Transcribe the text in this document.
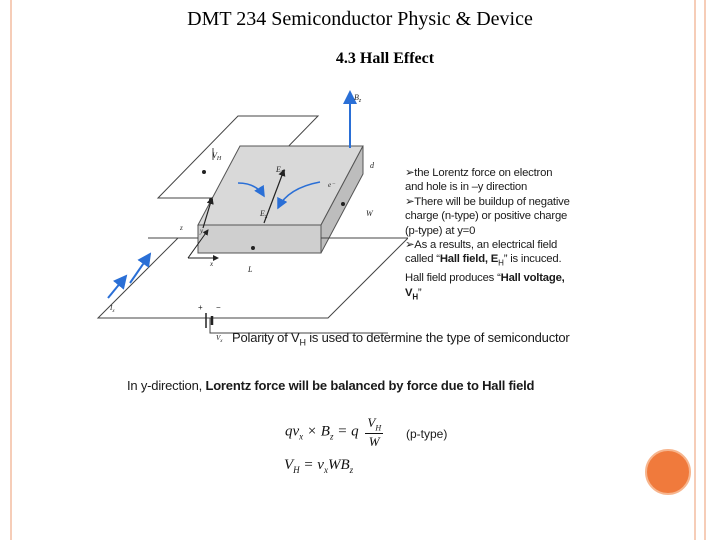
DMT 234 Semiconductor Physic & Device
4.3 Hall Effect
$B_z$
$E_H$
$E_x$
$V_H$
$V_x$
$I_x$
d
W
L
x
y
z
e⁻
+ −
➢the Lorentz force on electron
and hole is in –y direction
➢There will be buildup of negative
charge (n-type) or positive charge
(p-type) at y=0
➢As a results, an electrical field
called “Hall field, $E_H$” is incuced.
Hall field produces “Hall voltage,
$V_H$”
Polarity of $V_H$ is used to determine the type of semiconductor
In y-direction, Lorentz force will be balanced by force due to Hall field
$qv_x \times B_z = q \frac{V_H}{W}$ (p-type)
$V_H = v_xWB_z$
